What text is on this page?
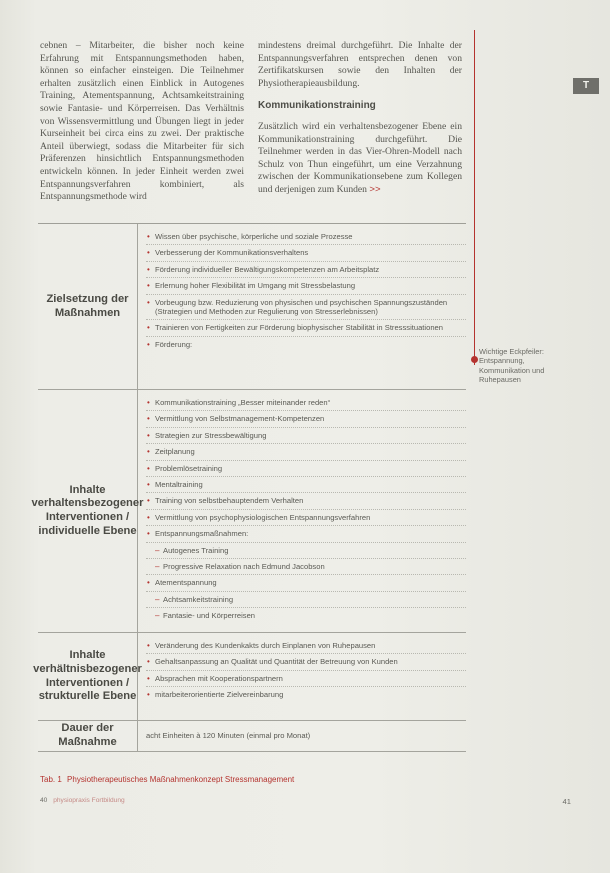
T

cebnen – Mitarbeiter, die bisher noch keine Erfahrung mit Entspannungsmethoden haben, können so einfacher einsteigen. Die Teilnehmer erhalten zusätzlich einen Einblick in Autogenes Training, Atementspannung, Achtsamkeitstraining sowie Fantasie- und Körperreisen. Das Verhältnis von Wissensvermittlung und Übungen liegt in jeder Kurseinheit bei circa eins zu zwei. Der praktische Anteil überwiegt, sodass die Mitarbeiter für sich Präferenzen hinsichtlich Entspannungsmethoden entwickeln können. In jeder Einheit werden zwei Entspannungsverfahren kombiniert, als Entspannungsmethode wird

mindestens dreimal durchgeführt. Die Inhalte der Entspannungsverfahren entsprechen denen von Zertifikatskursen sowie den Inhalten der Physiotherapieausbildung.

Kommunikationstraining

Zusätzlich wird ein verhaltensbezogener Ebene ein Kommunikationstraining durchgeführt. Die Teilnehmer werden in das Vier-Ohren-Modell nach Schulz von Thun eingeführt, um eine Verzahnung zwischen der Kommunikationsebene zum Kollegen und derjenigen zum Kunden >>

Zielsetzung der Maßnahmen
• Wissen über psychische, körperliche und soziale Prozesse
• Verbesserung der Kommunikationsverhaltens
• Förderung individueller Bewältigungskompetenzen am Arbeitsplatz
• Erlernung hoher Flexibilität im Umgang mit Stressbelastung
• Vorbeugung bzw. Reduzierung von physischen und psychischen Spannungszuständen (Strategien und Methoden zur Regulierung von Stresserlebnissen)
• Trainieren von Fertigkeiten zur Förderung biophysischer Stabilität in Stresssituationen
• Förderung:
Inhalte verhaltensbezogener Interventionen / individuelle Ebene
• Kommunikationstraining „Besser miteinander reden“
• Vermittlung von Selbstmanagement-Kompetenzen
• Strategien zur Stressbewältigung
• Zeitplanung
• Problemlösetraining
• Mentaltraining
• Training von selbstbehauptendem Verhalten
• Vermittlung von psychophysiologischen Entspannungsverfahren
• Entspannungsmaßnahmen:
– Autogenes Training
– Progressive Relaxation nach Edmund Jacobson
• Atementspannung
– Achtsamkeitstraining
– Fantasie- und Körperreisen
Inhalte verhältnisbezogener Interventionen / strukturelle Ebene
• Veränderung des Kundenkakts durch Einplanen von Ruhepausen
• Gehaltsanpassung an Qualität und Quantität der Betreuung von Kunden
• Absprachen mit Kooperationspartnern
• mitarbeiterorientierte Zielvereinbarung
Dauer der Maßnahme
acht Einheiten à 120 Minuten (einmal pro Monat)
Wichtige Eckpfeiler: Entspannung, Kommunikation und Ruhepausen
Tab. 1 Physiotherapeutisches Maßnahmenkonzept Stressmanagement
40 physiopraxis Fortbildung	41
